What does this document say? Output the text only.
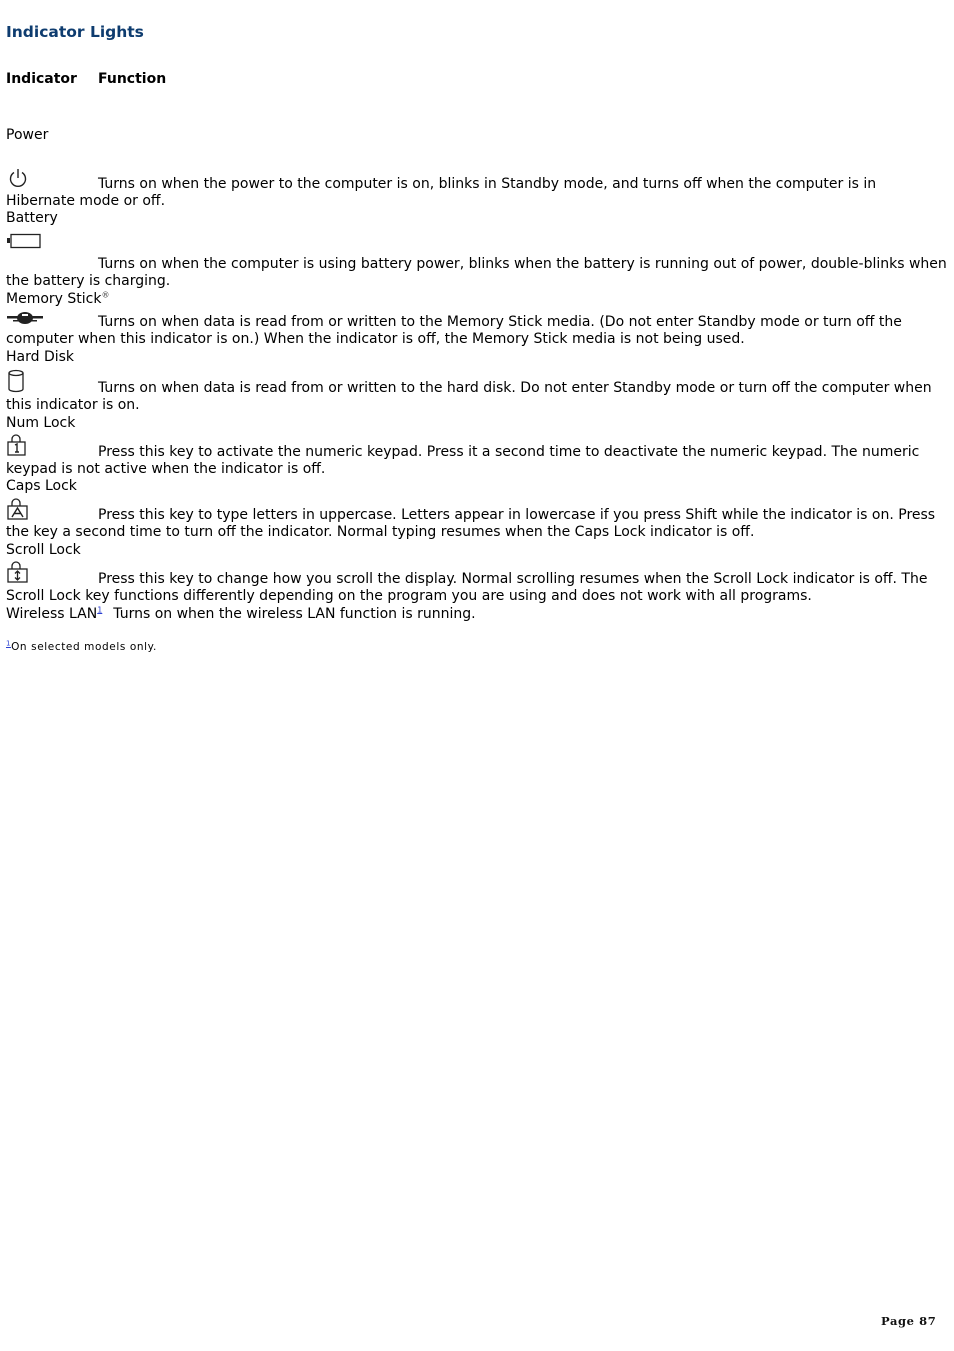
Indicator Lights
Indicator Function
Power
Turns on when the power to the computer is on, blinks in Standby mode, and turns off when the computer is in Hibernate mode or off.
Battery
Turns on when the computer is using battery power, blinks when the battery is running out of power, double-blinks when the battery is charging.
Memory Stick®
Turns on when data is read from or written to the Memory Stick media. (Do not enter Standby mode or turn off the computer when this indicator is on.) When the indicator is off, the Memory Stick media is not being used.
Hard Disk
Turns on when data is read from or written to the hard disk. Do not enter Standby mode or turn off the computer when this indicator is on.
Num Lock
Press this key to activate the numeric keypad. Press it a second time to deactivate the numeric keypad. The numeric keypad is not active when the indicator is off.
Caps Lock
Press this key to type letters in uppercase. Letters appear in lowercase if you press Shift while the indicator is on. Press the key a second time to turn off the indicator. Normal typing resumes when the Caps Lock indicator is off.
Scroll Lock
Press this key to change how you scroll the display. Normal scrolling resumes when the Scroll Lock indicator is off. The Scroll Lock key functions differently depending on the program you are using and does not work with all programs.
Wireless LAN$^1$ Turns on when the wireless LAN function is running.
$^1$On selected models only.
Page 87
